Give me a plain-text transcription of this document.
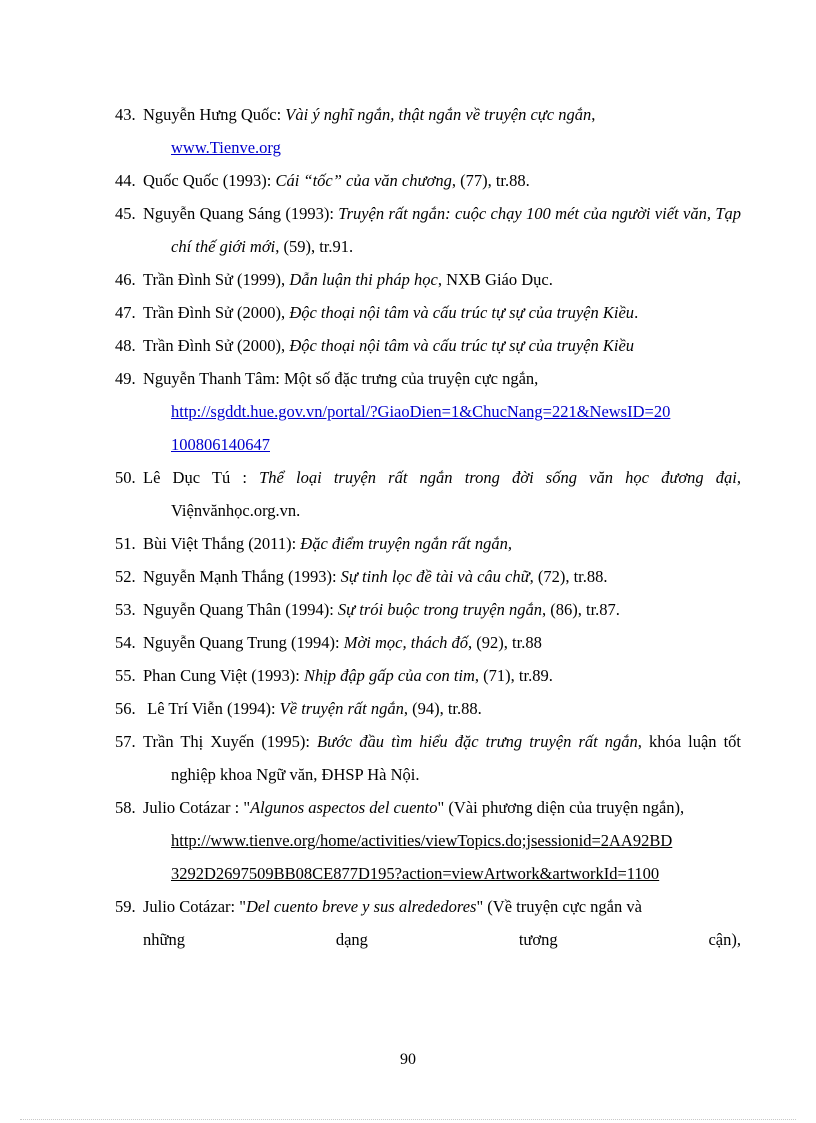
43. Nguyễn Hưng Quốc: Vài ý nghĩ ngắn, thật ngắn về truyện cực ngắn,
www.Tienve.org
44. Quốc Quốc (1993): Cái “tốc” của văn chương, (77), tr.88.
45. Nguyễn Quang Sáng (1993): Truyện rất ngắn: cuộc chạy 100 mét của người viết văn, Tạp chí thế giới mới, (59), tr.91.
46. Trần Đình Sử (1999), Dẫn luận thi pháp học, NXB Giáo Dục.
47. Trần Đình Sử (2000), Độc thoại nội tâm và cấu trúc tự sự của truyện Kiều.
48. Trần Đình Sử (2000), Độc thoại nội tâm và cấu trúc tự sự của truyện Kiều
49. Nguyễn Thanh Tâm: Một số đặc trưng của truyện cực ngắn,
http://sgddt.hue.gov.vn/portal/?GiaoDien=1&ChucNang=221&NewsID=20
100806140647
50. Lê Dục Tú : Thể loại truyện rất ngắn trong đời sống văn học đương đại, Việnvănhọc.org.vn.
51. Bùi Việt Thắng (2011): Đặc điểm truyện ngắn rất ngắn,
52. Nguyễn Mạnh Thắng (1993): Sự tinh lọc đề tài và câu chữ, (72), tr.88.
53. Nguyễn Quang Thân (1994): Sự trói buộc trong truyện ngắn, (86), tr.87.
54. Nguyễn Quang Trung (1994): Mời mọc, thách đố, (92), tr.88
55. Phan Cung Việt (1993): Nhịp đập gấp của con tim, (71), tr.89.
56. Lê Trí Viễn (1994): Về truyện rất ngắn, (94), tr.88.
57. Trần Thị Xuyến (1995): Bước đầu tìm hiểu đặc trưng truyện rất ngắn, khóa luận tốt nghiệp khoa Ngữ văn, ĐHSP Hà Nội.
58. Julio Cotázar : "Algunos aspectos del cuento" (Vài phương diện của truyện ngắn),
http://www.tienve.org/home/activities/viewTopics.do;jsessionid=2AA92BD
3292D2697509BB08CE877D195?action=viewArtwork&artworkId=1100
59. Julio Cotázar: "Del cuento breve y sus alrededores" (Về truyện cực ngắn và
những dạng tương cận),
90
